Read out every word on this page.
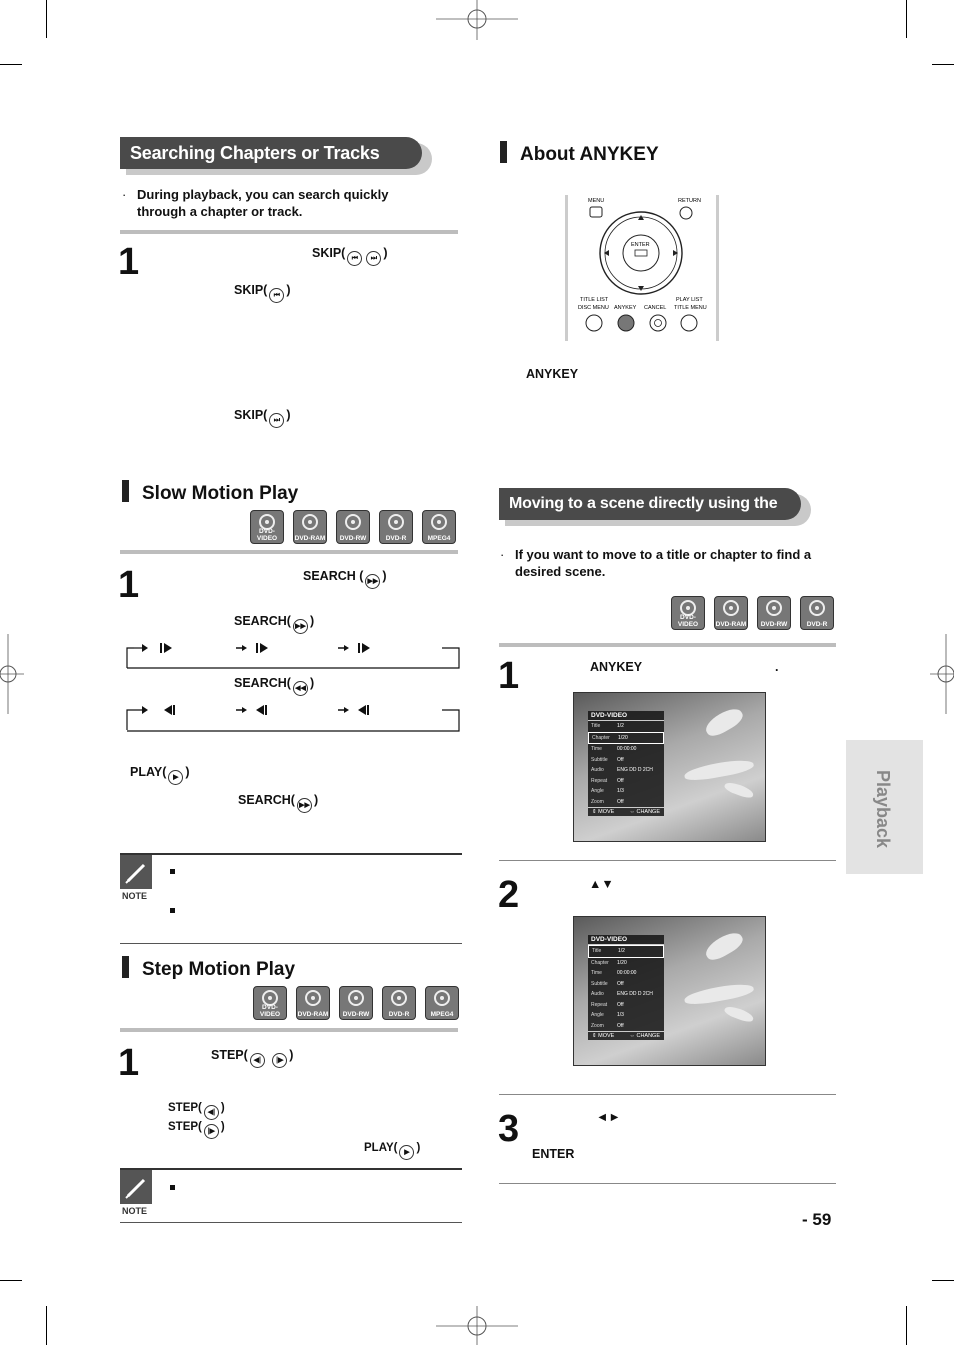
Searching Chapters or Tracks
· During playback, you can search quickly through a chapter or track.
1	SKIP( ⏮ ⏭ )
SKIP( ⏮ )
SKIP( ⏭ )
Slow Motion Play
DVD-VIDEO	DVD-RAM	DVD-RW	DVD-R	MPEG4
1	SEARCH ( ▶▶ )
SEARCH( ▶▶ )
SEARCH( ◀◀ )
PLAY( ▶ )
SEARCH( ▶▶ )
NOTE
Step Motion Play
DVD-VIDEO	DVD-RAM	DVD-RW	DVD-R	MPEG4
1	STEP( ◀| |▶ )
STEP( ◀| )
STEP( |▶ )
PLAY( ▶ )
NOTE
About ANYKEY
MENU	RETURN
ENTER
TITLE LIST	PLAY LIST
DISC MENU ANYKEY CANCEL TITLE MENU
ANYKEY
Moving to a scene directly using the ANYKEY
· If you want to move to a title or chapter to find a desired scene.
DVD-VIDEO	DVD-RAM	DVD-RW	DVD-R
1	ANYKEY	.
DVD-VIDEO
Title	1/2
Chapter	1/20
Time	00:00:00
Subtitle	Off
Audio	ENG DD D 2CH
Repeat	Off
Angle	1/3
Zoom	Off
⇕ MOVE	⇔ CHANGE
2	▲▼
DVD-VIDEO
Title	1/2
Chapter	1/20
Time	00:00:00
Subtitle	Off
Audio	ENG DD D 2CH
Repeat	Off
Angle	1/3
Zoom	Off
⇕ MOVE	⇔ CHANGE
3	◄►
ENTER
Playback
- 59
